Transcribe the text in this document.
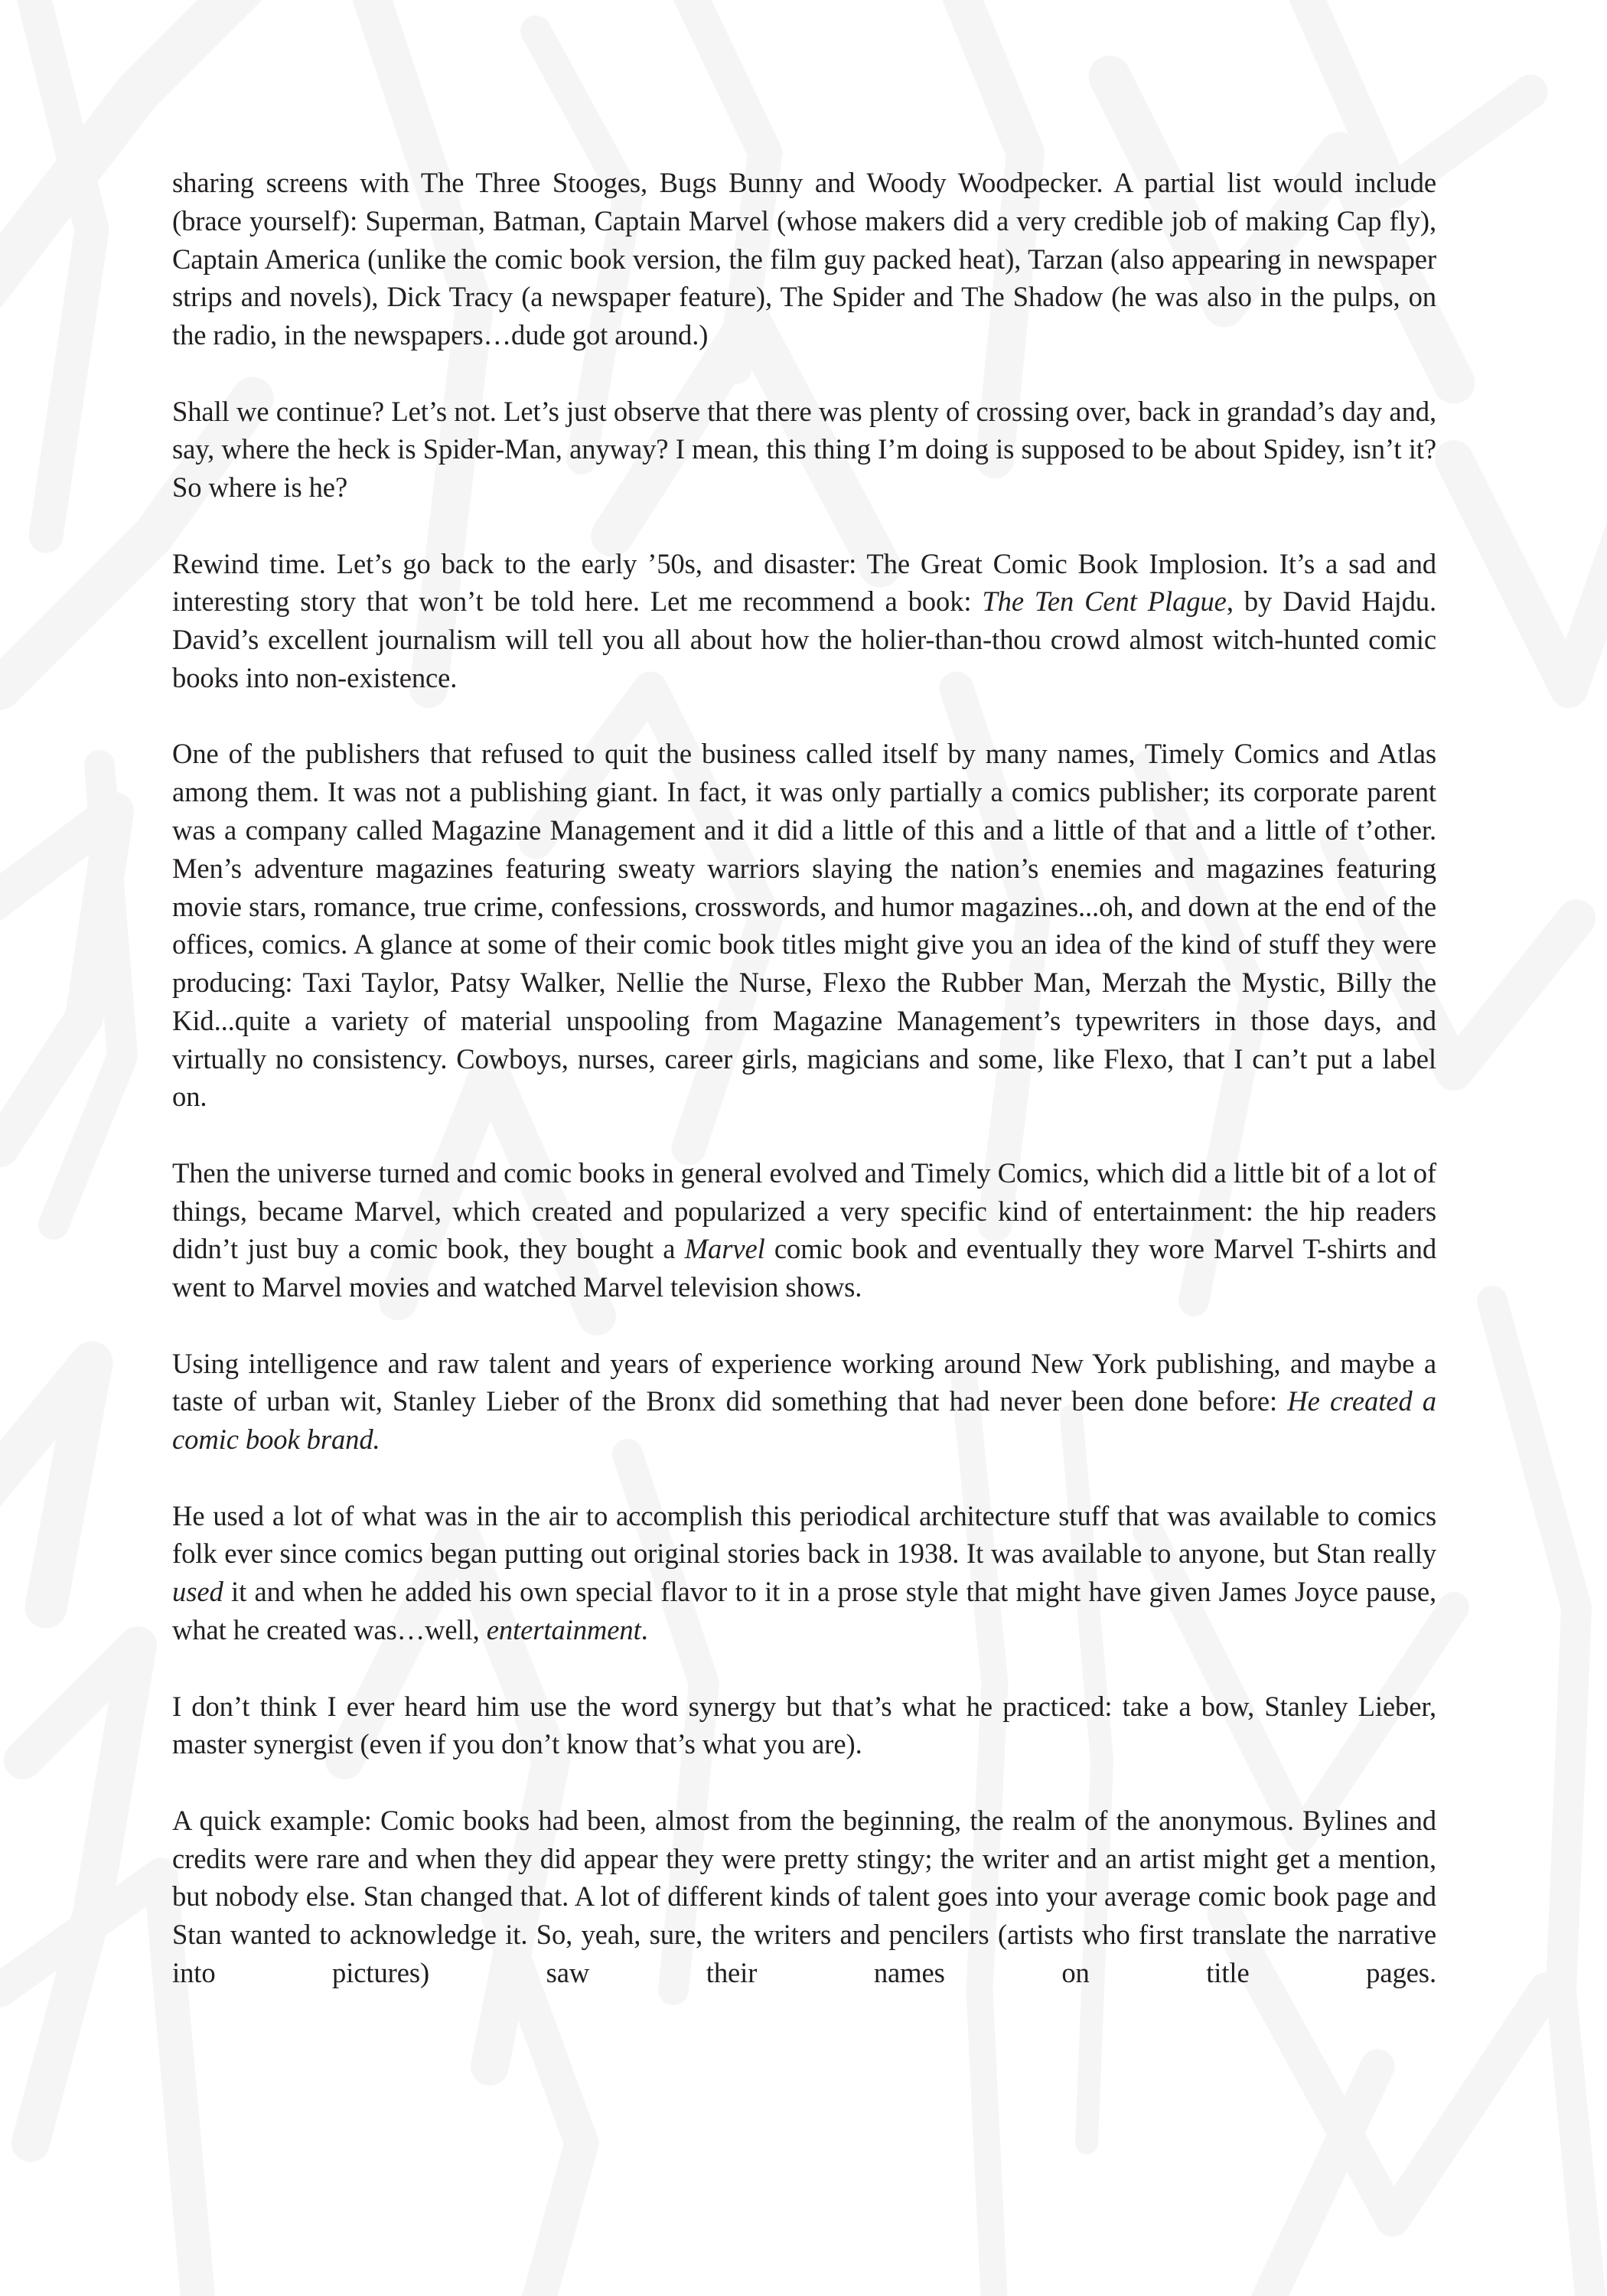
sharing screens with The Three Stooges, Bugs Bunny and Woody Woodpecker. A partial list would include (brace yourself): Superman, Batman, Captain Marvel (whose makers did a very credible job of making Cap fly), Captain America (unlike the comic book version, the film guy packed heat), Tarzan (also appearing in newspaper strips and novels), Dick Tracy (a newspaper feature), The Spider and The Shadow (he was also in the pulps, on the radio, in the newspapers…dude got around.)

Shall we continue? Let’s not. Let’s just observe that there was plenty of crossing over, back in grandad’s day and, say, where the heck is Spider-Man, anyway? I mean, this thing I’m doing is supposed to be about Spidey, isn’t it? So where is he?

Rewind time. Let’s go back to the early ’50s, and disaster: The Great Comic Book Implosion. It’s a sad and interesting story that won’t be told here. Let me recommend a book: The Ten Cent Plague, by David Hajdu. David’s excellent journalism will tell you all about how the holier-than-thou crowd almost witch-hunted comic books into non-existence.

One of the publishers that refused to quit the business called itself by many names, Timely Comics and Atlas among them. It was not a publishing giant. In fact, it was only partially a comics publisher; its corporate parent was a company called Magazine Management and it did a little of this and a little of that and a little of t’other. Men’s adventure magazines featuring sweaty warriors slaying the nation’s enemies and magazines featuring movie stars, romance, true crime, confessions, crosswords, and humor magazines...oh, and down at the end of the offices, comics. A glance at some of their comic book titles might give you an idea of the kind of stuff they were producing: Taxi Taylor, Patsy Walker, Nellie the Nurse, Flexo the Rubber Man, Merzah the Mystic, Billy the Kid...quite a variety of material unspooling from Magazine Management’s typewriters in those days, and virtually no consistency. Cowboys, nurses, career girls, magicians and some, like Flexo, that I can’t put a label on.

Then the universe turned and comic books in general evolved and Timely Comics, which did a little bit of a lot of things, became Marvel, which created and popularized a very specific kind of entertainment: the hip readers didn’t just buy a comic book, they bought a Marvel comic book and eventually they wore Marvel T-shirts and went to Marvel movies and watched Marvel television shows.

Using intelligence and raw talent and years of experience working around New York publishing, and maybe a taste of urban wit, Stanley Lieber of the Bronx did something that had never been done before: He created a comic book brand.

He used a lot of what was in the air to accomplish this periodical architecture stuff that was available to comics folk ever since comics began putting out original stories back in 1938. It was available to anyone, but Stan really used it and when he added his own special flavor to it in a prose style that might have given James Joyce pause, what he created was…well, entertainment.

I don’t think I ever heard him use the word synergy but that’s what he practiced: take a bow, Stanley Lieber, master synergist (even if you don’t know that’s what you are).

A quick example: Comic books had been, almost from the beginning, the realm of the anonymous. Bylines and credits were rare and when they did appear they were pretty stingy; the writer and an artist might get a mention, but nobody else. Stan changed that. A lot of different kinds of talent goes into your average comic book page and Stan wanted to acknowledge it. So, yeah, sure, the writers and pencilers (artists who first translate the narrative into pictures) saw their names on title pages.
